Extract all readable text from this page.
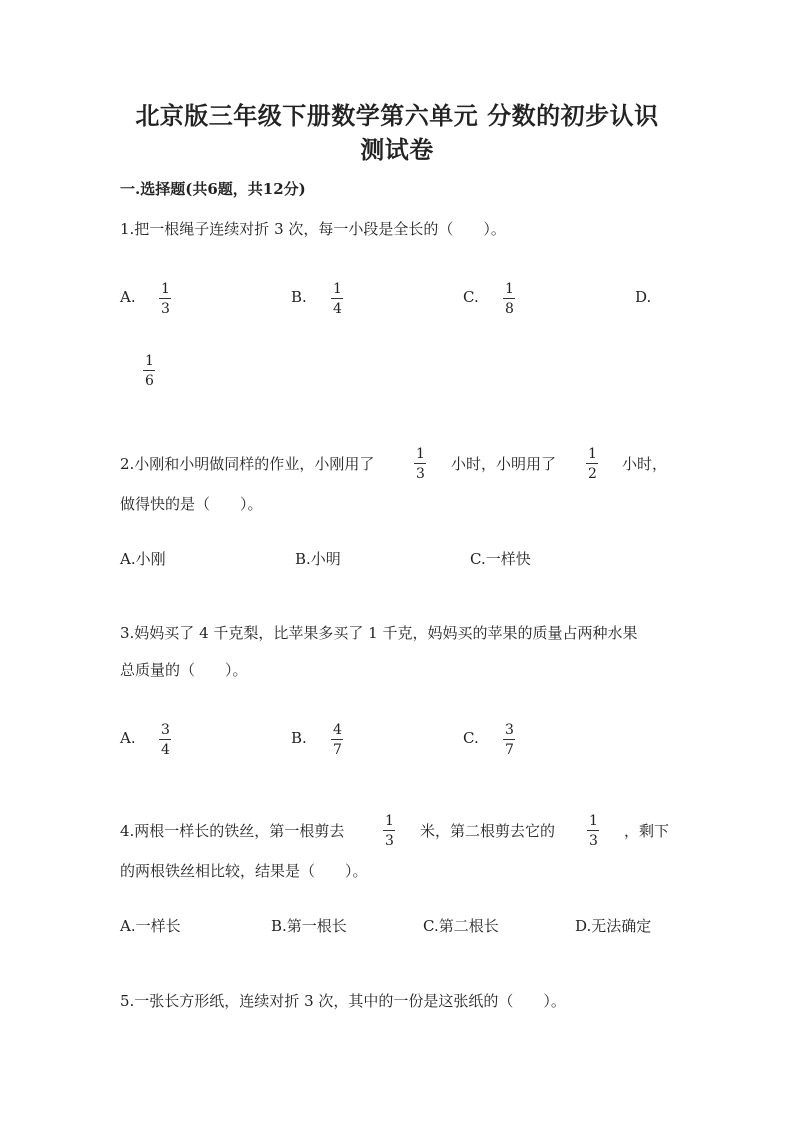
北京版三年级下册数学第六单元 分数的初步认识
测试卷
一.选择题(共6题，共12分)
1.把一根绳子连续对折 3 次，每一小段是全长的（　　）。
A. 1
3
B. 1
4
C. 1
8
D.
1
6
2.小刚和小明做同样的作业，小刚用了
1
3
小时，小明用了
1
2
小时，
做得快的是（　　）。
A.小刚	B.小明	C.一样快
3.妈妈买了 4 千克梨，比苹果多买了 1 千克，妈妈买的苹果的质量占两种水果
总质量的（　　）。
A. 3
4
B. 4
7
C. 3
7
4.两根一样长的铁丝，第一根剪去
1
3
米，第二根剪去它的
1
3
，剩下
的两根铁丝相比较，结果是（　　）。
A.一样长	B.第一根长	C.第二根长	D.无法确定
5.一张长方形纸，连续对折 3 次，其中的一份是这张纸的（　　）。
